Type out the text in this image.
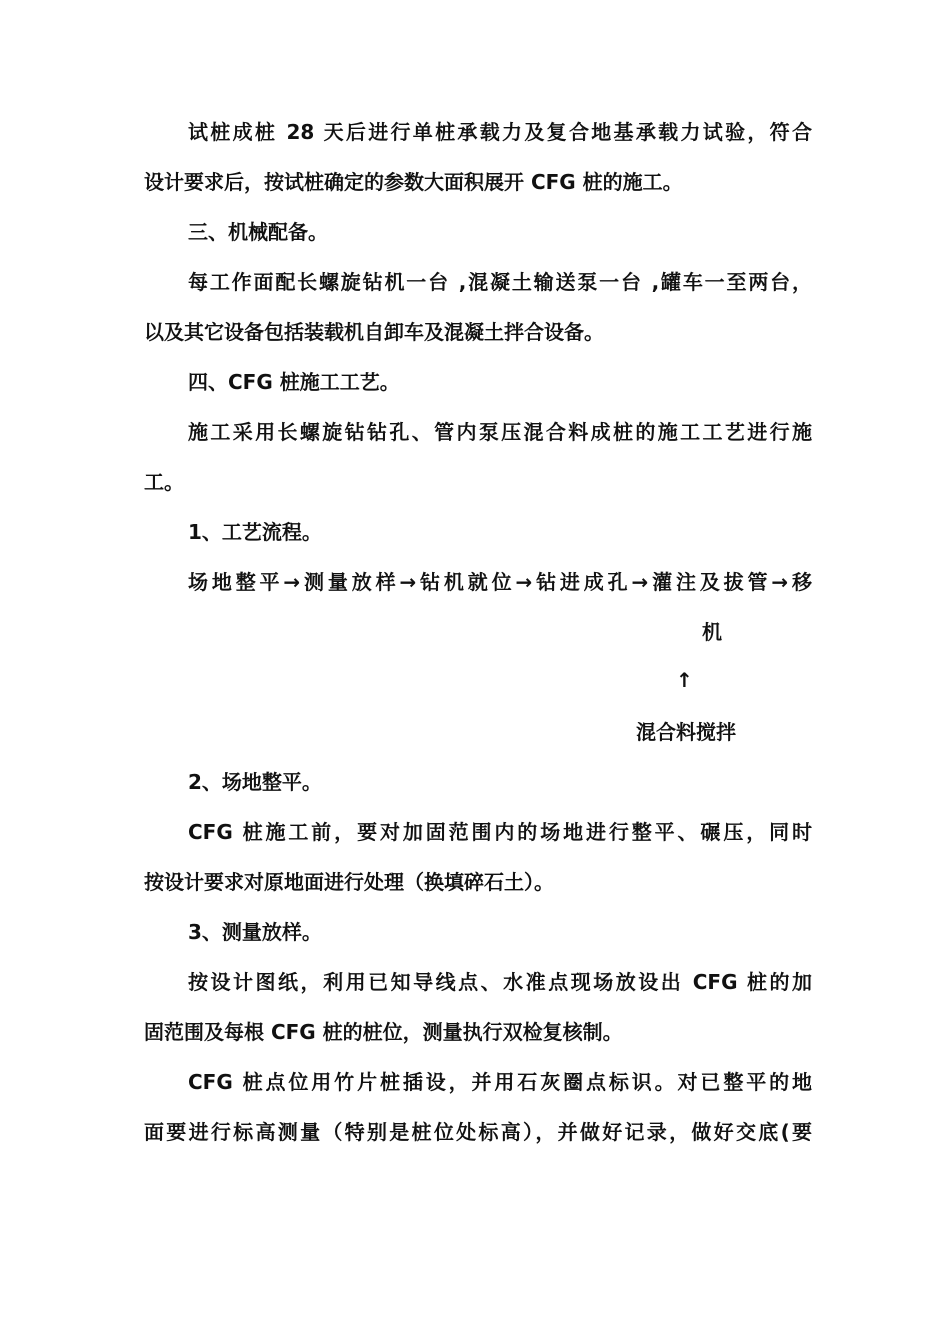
试桩成桩 28 天后进行单桩承载力及复合地基承载力试验，符合
设计要求后，按试桩确定的参数大面积展开 CFG 桩的施工。
三、机械配备。
每工作面配长螺旋钻机一台 ,混凝土输送泵一台 ,罐车一至两台，
以及其它设备包括装载机自卸车及混凝土拌合设备。
四、CFG 桩施工工艺。
施工采用长螺旋钻钻孔、管内泵压混合料成桩的施工工艺进行施
工。
1、工艺流程。
场地整平→测量放样→钻机就位→钻进成孔→灌注及拔管→移
机
↑
混合料搅拌
2、场地整平。
CFG 桩施工前，要对加固范围内的场地进行整平、碾压，同时
按设计要求对原地面进行处理（换填碎石土）。
3、测量放样。
按设计图纸，利用已知导线点、水准点现场放设出 CFG 桩的加
固范围及每根 CFG 桩的桩位，测量执行双检复核制。
CFG 桩点位用竹片桩插设，并用石灰圈点标识。对已整平的地
面要进行标高测量（特别是桩位处标高），并做好记录，做好交底(要
